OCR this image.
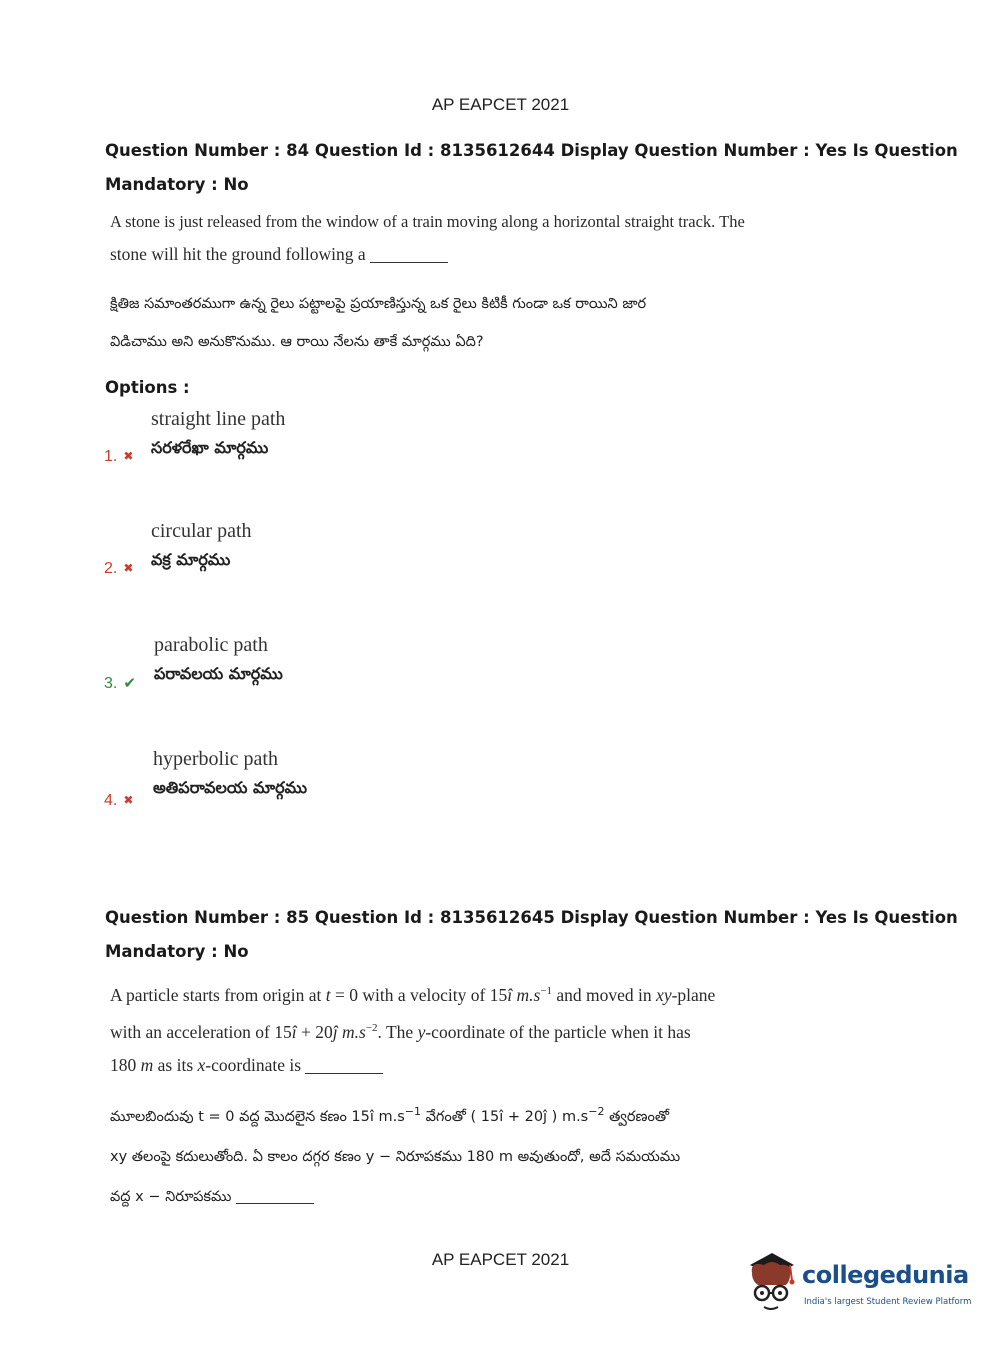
AP EAPCET 2021
Question Number : 84 Question Id : 8135612644 Display Question Number : Yes Is Question
Mandatory : No
A stone is just released from the window of a train moving along a horizontal straight track. The
stone will hit the ground following a
క్షితిజ సమాంతరముగా ఉన్న రైలు పట్టాలపై ప్రయాణిస్తున్న ఒక రైలు కిటికీ గుండా ఒక రాయిని జార
విడిచాము అని అనుకొనుము. ఆ రాయి నేలను తాకే మార్గము ఏది?
Options :
straight line path
సరళరేఖా మార్గము
1. ✖
circular path
వక్ర మార్గము
2. ✖
parabolic path
పరావలయ మార్గము
3. ✔
hyperbolic path
అతిపరావలయ మార్గము
4. ✖
Question Number : 85 Question Id : 8135612645 Display Question Number : Yes Is Question
Mandatory : No
A particle starts from origin at t = 0 with a velocity of 15î $m.s^{-1}$ and moved in xy-plane
with an acceleration of 15î + 20ĵ $m.s^{-2}$. The y-coordinate of the particle when it has
180 m as its x-coordinate is
మూలబిందువు t = 0 వద్ద మొదలైన కణం 15î $m.s^{-1}$ వేగంతో ( 15î + 20ĵ ) $m.s^{-2}$ త్వరణంతో
xy తలంపై కదులుతోంది. ఏ కాలం దగ్గర కణం y − నిరూపకము 180 m అవుతుందో, అదే సమయము
వద్ద x − నిరూపకము
AP EAPCET 2021
collegedunia
India's largest Student Review Platform
